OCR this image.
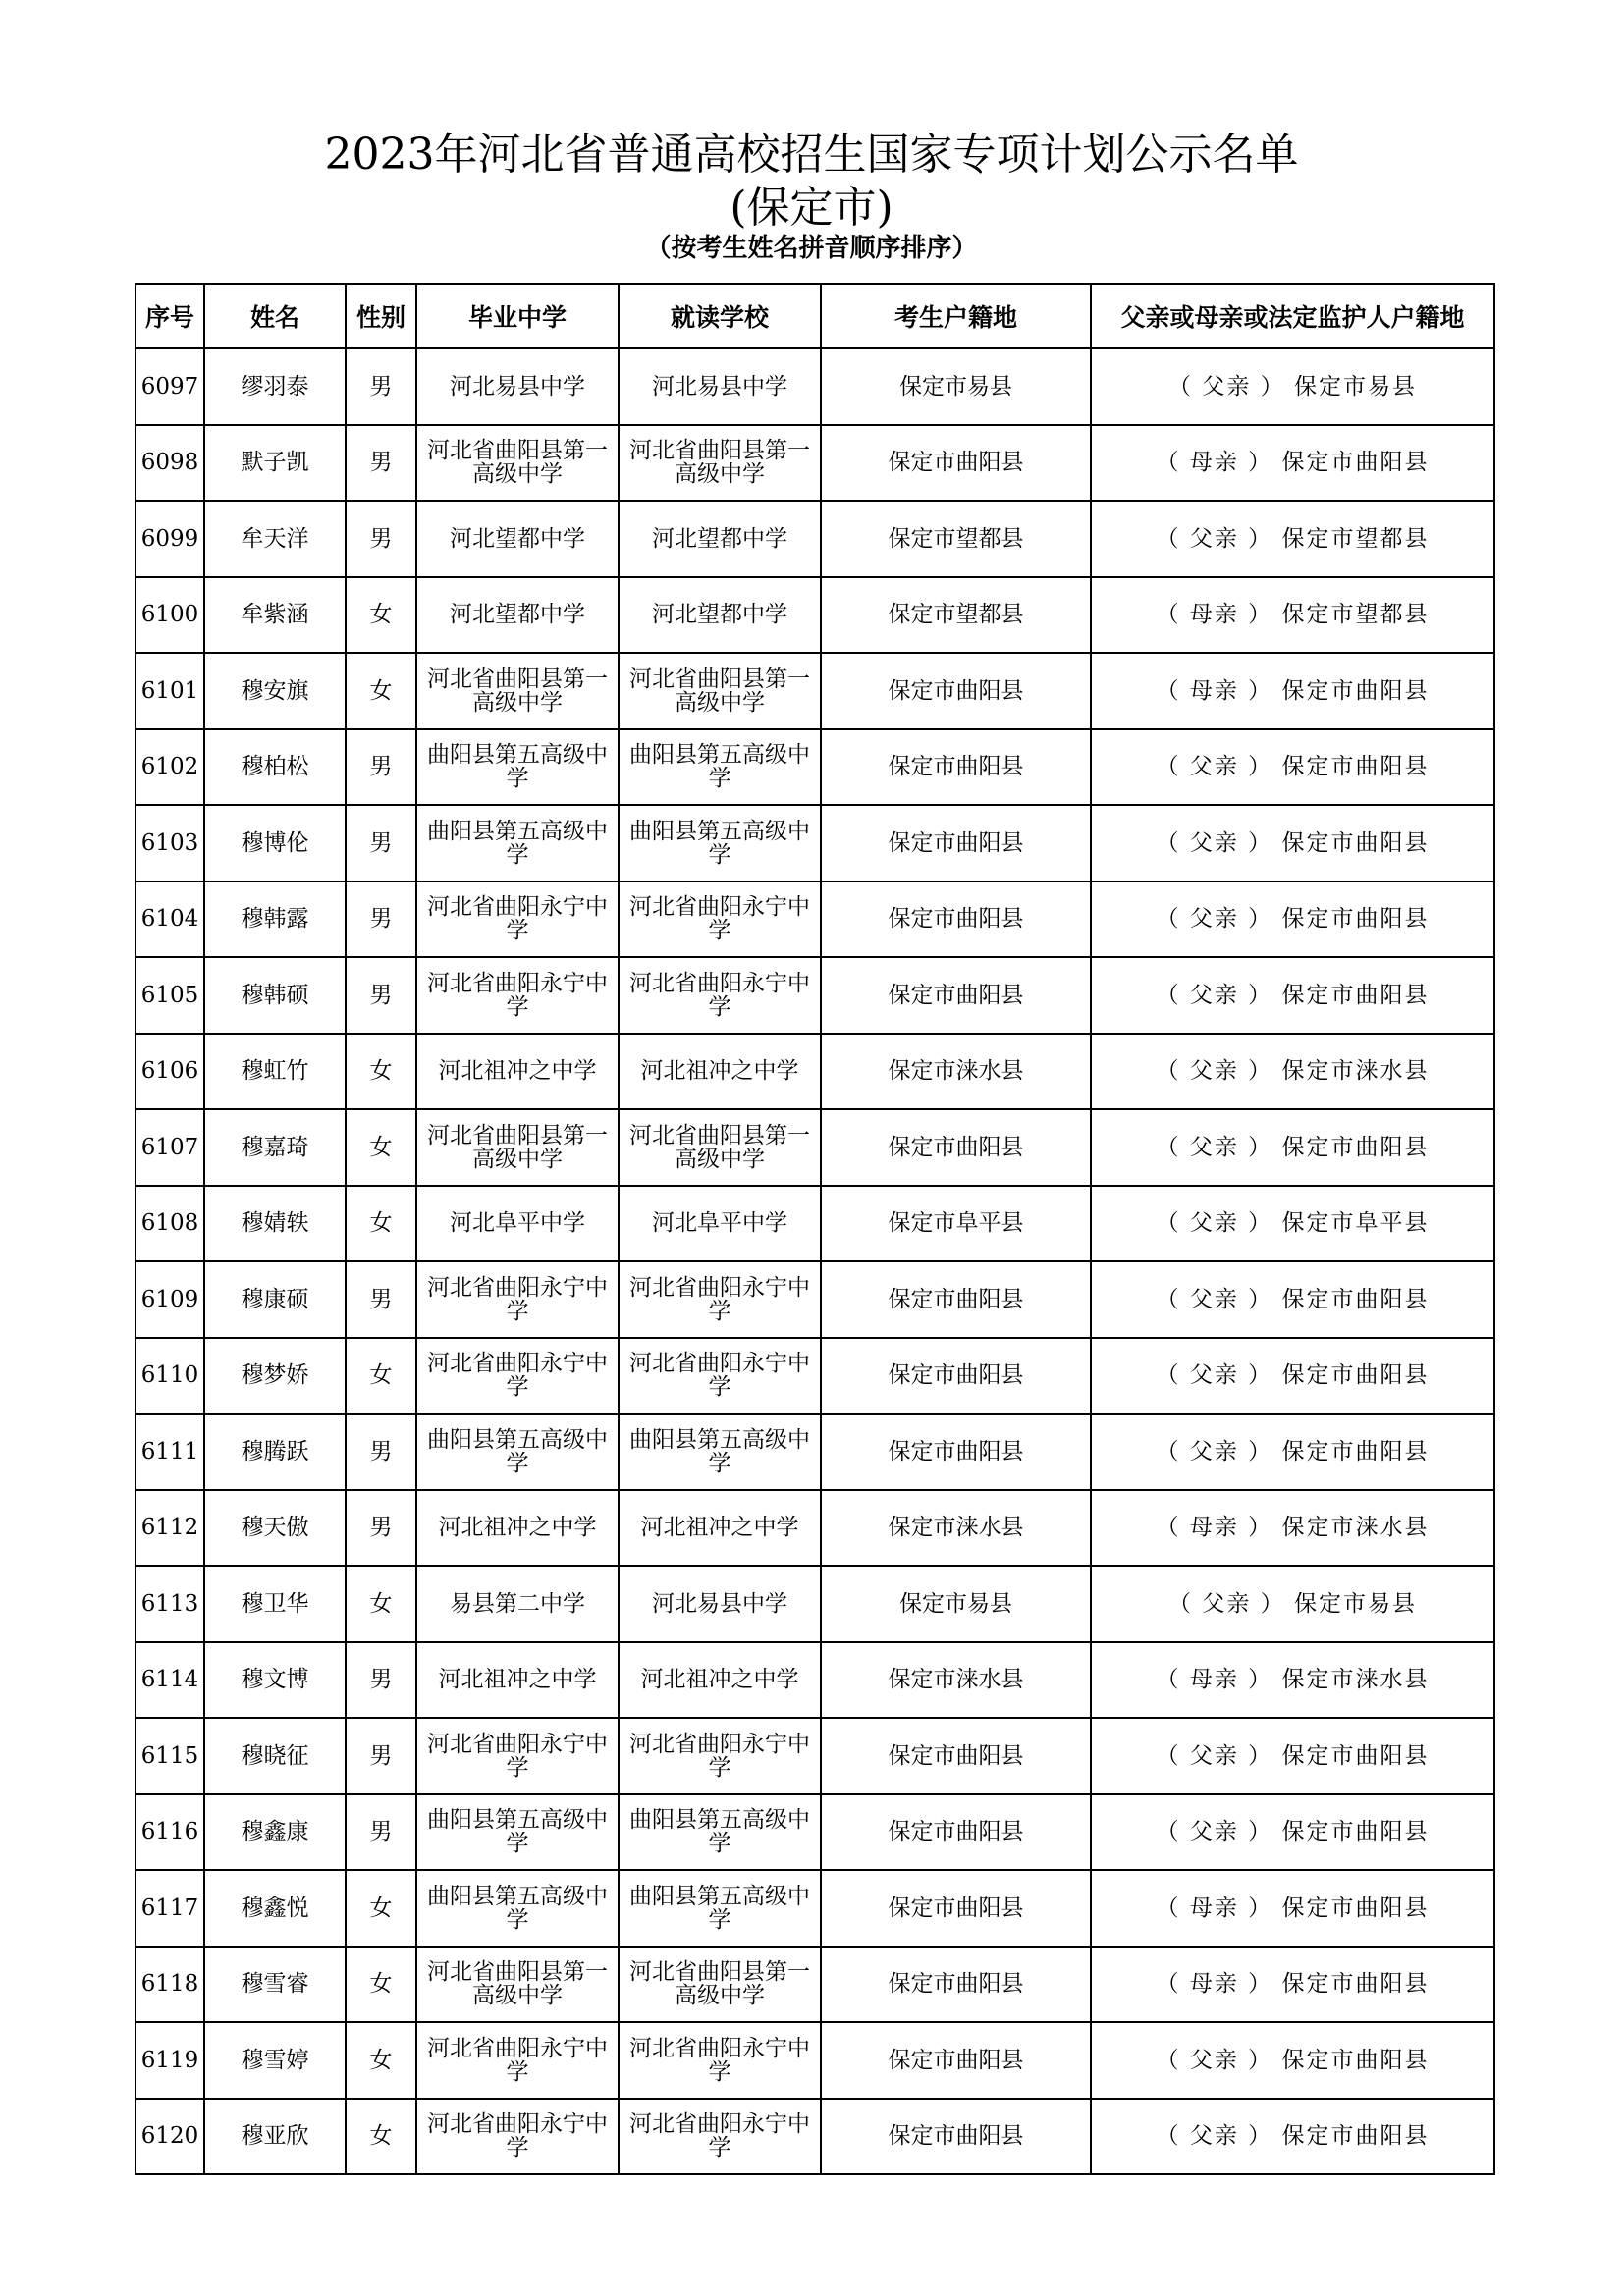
2023年河北省普通高校招生国家专项计划公示名单
(保定市)
（按考生姓名拼音顺序排序）
序号	姓名	性别	毕业中学	就读学校	考生户籍地	父亲或母亲或法定监护人户籍地
6097	缪羽泰	男	河北易县中学	河北易县中学	保定市易县	（ 父亲 ） 保定市易县
6098	默子凯	男	河北省曲阳县第一高级中学	河北省曲阳县第一高级中学	保定市曲阳县	（ 母亲 ） 保定市曲阳县
6099	牟天洋	男	河北望都中学	河北望都中学	保定市望都县	（ 父亲 ） 保定市望都县
6100	牟紫涵	女	河北望都中学	河北望都中学	保定市望都县	（ 母亲 ） 保定市望都县
6101	穆安旗	女	河北省曲阳县第一高级中学	河北省曲阳县第一高级中学	保定市曲阳县	（ 母亲 ） 保定市曲阳县
6102	穆柏松	男	曲阳县第五高级中学	曲阳县第五高级中学	保定市曲阳县	（ 父亲 ） 保定市曲阳县
6103	穆博伦	男	曲阳县第五高级中学	曲阳县第五高级中学	保定市曲阳县	（ 父亲 ） 保定市曲阳县
6104	穆韩露	男	河北省曲阳永宁中学	河北省曲阳永宁中学	保定市曲阳县	（ 父亲 ） 保定市曲阳县
6105	穆韩硕	男	河北省曲阳永宁中学	河北省曲阳永宁中学	保定市曲阳县	（ 父亲 ） 保定市曲阳县
6106	穆虹竹	女	河北祖冲之中学	河北祖冲之中学	保定市涞水县	（ 父亲 ） 保定市涞水县
6107	穆嘉琦	女	河北省曲阳县第一高级中学	河北省曲阳县第一高级中学	保定市曲阳县	（ 父亲 ） 保定市曲阳县
6108	穆婧轶	女	河北阜平中学	河北阜平中学	保定市阜平县	（ 父亲 ） 保定市阜平县
6109	穆康硕	男	河北省曲阳永宁中学	河北省曲阳永宁中学	保定市曲阳县	（ 父亲 ） 保定市曲阳县
6110	穆梦娇	女	河北省曲阳永宁中学	河北省曲阳永宁中学	保定市曲阳县	（ 父亲 ） 保定市曲阳县
6111	穆腾跃	男	曲阳县第五高级中学	曲阳县第五高级中学	保定市曲阳县	（ 父亲 ） 保定市曲阳县
6112	穆天傲	男	河北祖冲之中学	河北祖冲之中学	保定市涞水县	（ 母亲 ） 保定市涞水县
6113	穆卫华	女	易县第二中学	河北易县中学	保定市易县	（ 父亲 ） 保定市易县
6114	穆文博	男	河北祖冲之中学	河北祖冲之中学	保定市涞水县	（ 母亲 ） 保定市涞水县
6115	穆晓征	男	河北省曲阳永宁中学	河北省曲阳永宁中学	保定市曲阳县	（ 父亲 ） 保定市曲阳县
6116	穆鑫康	男	曲阳县第五高级中学	曲阳县第五高级中学	保定市曲阳县	（ 父亲 ） 保定市曲阳县
6117	穆鑫悦	女	曲阳县第五高级中学	曲阳县第五高级中学	保定市曲阳县	（ 母亲 ） 保定市曲阳县
6118	穆雪睿	女	河北省曲阳县第一高级中学	河北省曲阳县第一高级中学	保定市曲阳县	（ 母亲 ） 保定市曲阳县
6119	穆雪婷	女	河北省曲阳永宁中学	河北省曲阳永宁中学	保定市曲阳县	（ 父亲 ） 保定市曲阳县
6120	穆亚欣	女	河北省曲阳永宁中学	河北省曲阳永宁中学	保定市曲阳县	（ 父亲 ） 保定市曲阳县
